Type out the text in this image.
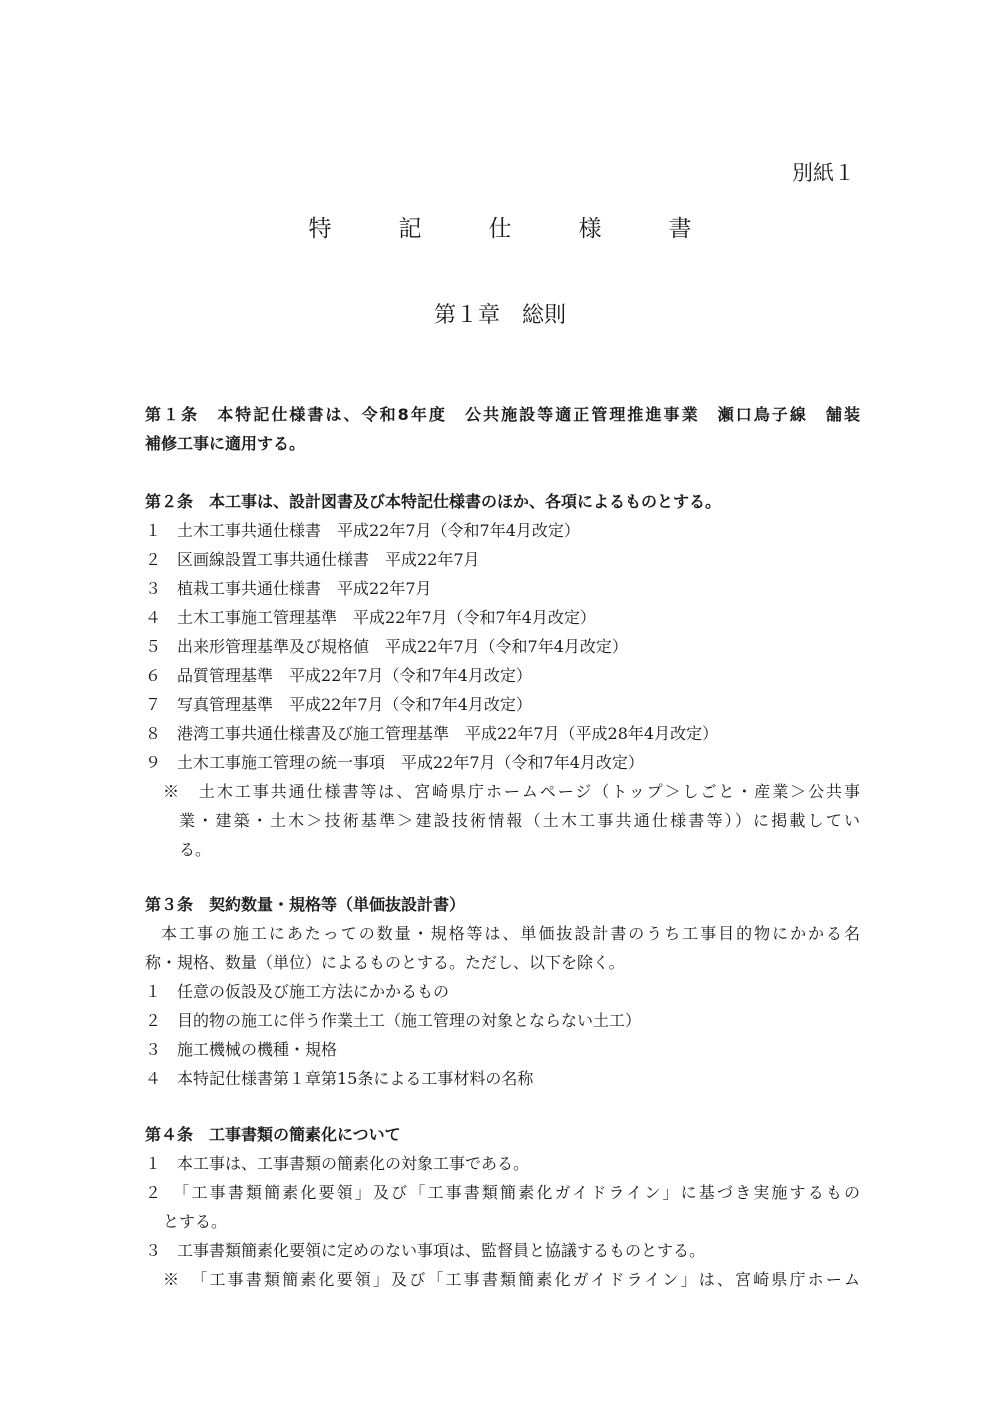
別紙１
特　記　仕　様　書
第１章　総則
第１条　本特記仕様書は、令和8年度　公共施設等適正管理推進事業　瀬口鳥子線　舗装
補修工事に適用する。
第２条　本工事は、設計図書及び本特記仕様書のほか、各項によるものとする。
１　土木工事共通仕様書　平成22年7月（令和7年4月改定）
２　区画線設置工事共通仕様書　平成22年7月
３　植栽工事共通仕様書　平成22年7月
４　土木工事施工管理基準　平成22年7月（令和7年4月改定）
５　出来形管理基準及び規格値　平成22年7月（令和7年4月改定）
６　品質管理基準　平成22年7月（令和7年4月改定）
７　写真管理基準　平成22年7月（令和7年4月改定）
８　港湾工事共通仕様書及び施工管理基準　平成22年7月（平成28年4月改定）
９　土木工事施工管理の統一事項　平成22年7月（令和7年4月改定）
※　土木工事共通仕様書等は、宮崎県庁ホームページ（トップ＞しごと・産業＞公共事
業・建築・土木＞技術基準＞建設技術情報（土木工事共通仕様書等））に掲載してい
る。
第３条　契約数量・規格等（単価抜設計書）
本工事の施工にあたっての数量・規格等は、単価抜設計書のうち工事目的物にかかる名
称・規格、数量（単位）によるものとする。ただし、以下を除く。
１　任意の仮設及び施工方法にかかるもの
２　目的物の施工に伴う作業土工（施工管理の対象とならない土工）
３　施工機械の機種・規格
４　本特記仕様書第１章第15条による工事材料の名称
第４条　工事書類の簡素化について
１　本工事は、工事書類の簡素化の対象工事である。
２　「工事書類簡素化要領」及び「工事書類簡素化ガイドライン」に基づき実施するもの
とする。
３　工事書類簡素化要領に定めのない事項は、監督員と協議するものとする。
※　「工事書類簡素化要領」及び「工事書類簡素化ガイドライン」は、宮崎県庁ホーム
